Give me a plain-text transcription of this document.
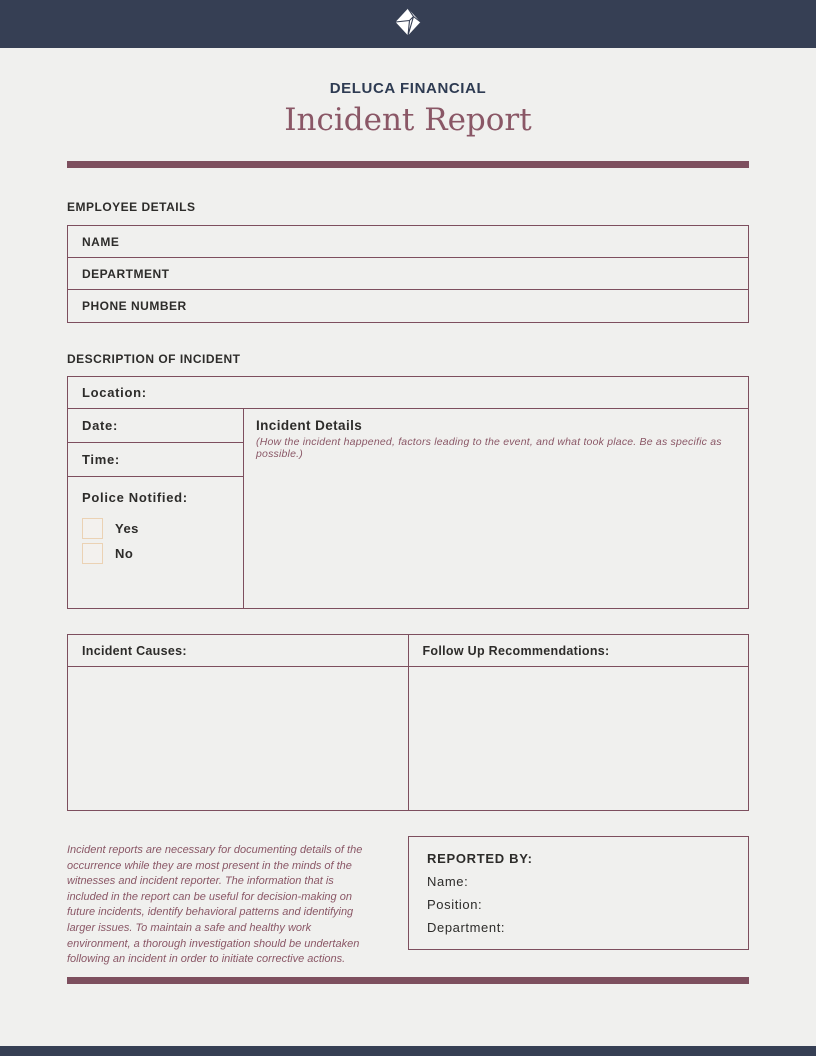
DELUCA FINANCIAL
Incident Report
EMPLOYEE DETAILS
NAME
DEPARTMENT
PHONE NUMBER
DESCRIPTION OF INCIDENT
Location:
Date:
Time:
Police Notified:
Yes
No
Incident Details
(How the incident happened, factors leading to the event, and what took place. Be as specific as possible.)
Incident Causes:	Follow Up Recommendations:

Incident reports are necessary for documenting details of the occurrence while they are most present in the minds of the witnesses and incident reporter. The information that is included in the report can be useful for decision-making on future incidents, identify behavioral patterns and identifying larger issues. To maintain a safe and healthy work environment, a thorough investigation should be undertaken following an incident in order to initiate corrective actions.

REPORTED BY:
Name:
Position:
Department:
